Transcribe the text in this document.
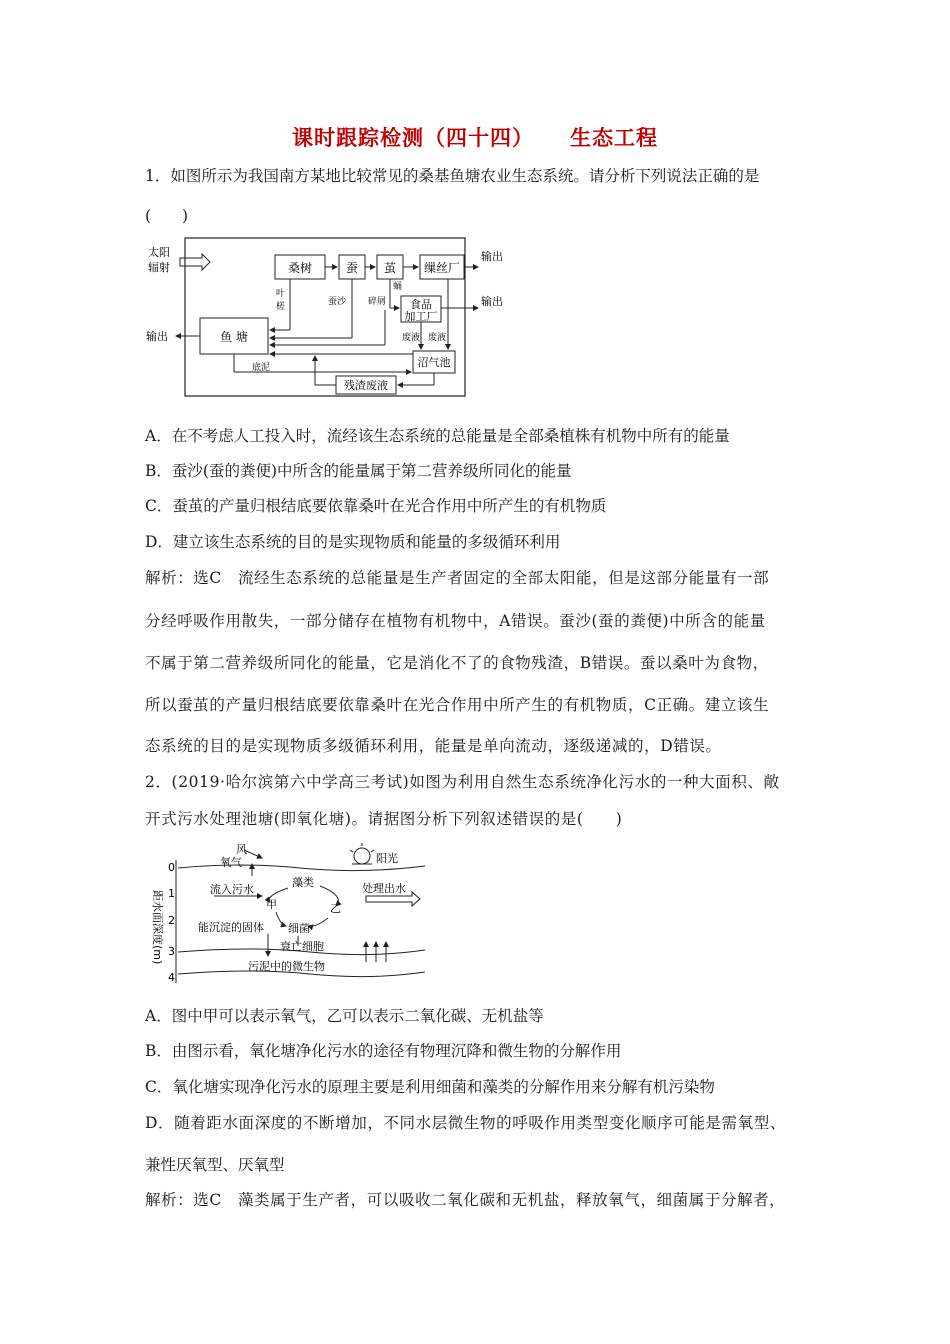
课时跟踪检测（四十四） 生态工程
1．如图所示为我国南方某地比较常见的桑基鱼塘农业生态系统。请分析下列说法正确的是
(　　)
太阳
辐射	桑树	蚕 茧 缫丝厂
输出
食品
加工厂
输出
蛹
鱼 塘
输出
叶
槎	蚕沙 碎屑
沼气池
废液 废液
残渣废液
底泥
A．在不考虑人工投入时，流经该生态系统的总能量是全部桑植株有机物中所有的能量
B．蚕沙(蚕的粪便)中所含的能量属于第二营养级所同化的能量
C．蚕茧的产量归根结底要依靠桑叶在光合作用中所产生的有机物质
D．建立该生态系统的目的是实现物质和能量的多级循环利用
解析：选C　流经生态系统的总能量是生产者固定的全部太阳能，但是这部分能量有一部
分经呼吸作用散失，一部分储存在植物有机物中，A错误。蚕沙(蚕的粪便)中所含的能量
不属于第二营养级所同化的能量，它是消化不了的食物残渣，B错误。蚕以桑叶为食物，
所以蚕茧的产量归根结底要依靠桑叶在光合作用中所产生的有机物质，C正确。建立该生
态系统的目的是实现物质多级循环利用，能量是单向流动，逐级递减的，D错误。
2．(2019·哈尔滨第六中学高三考试)如图为利用自然生态系统净化污水的一种大面积、敞
开式污水处理池塘(即氧化塘)。请据图分析下列叙述错误的是(　　)
距水面深度(m)
0
1
2
3
4
风
氧气	阳光
流入污水
藻类
甲	乙
处理出水
能沉淀的固体 细菌
衰亡细胞
污泥中的微生物
A．图中甲可以表示氧气，乙可以表示二氧化碳、无机盐等
B．由图示看，氧化塘净化污水的途径有物理沉降和微生物的分解作用
C．氧化塘实现净化污水的原理主要是利用细菌和藻类的分解作用来分解有机污染物
D．随着距水面深度的不断增加，不同水层微生物的呼吸作用类型变化顺序可能是需氧型、
兼性厌氧型、厌氧型
解析：选C　藻类属于生产者，可以吸收二氧化碳和无机盐，释放氧气，细菌属于分解者，
